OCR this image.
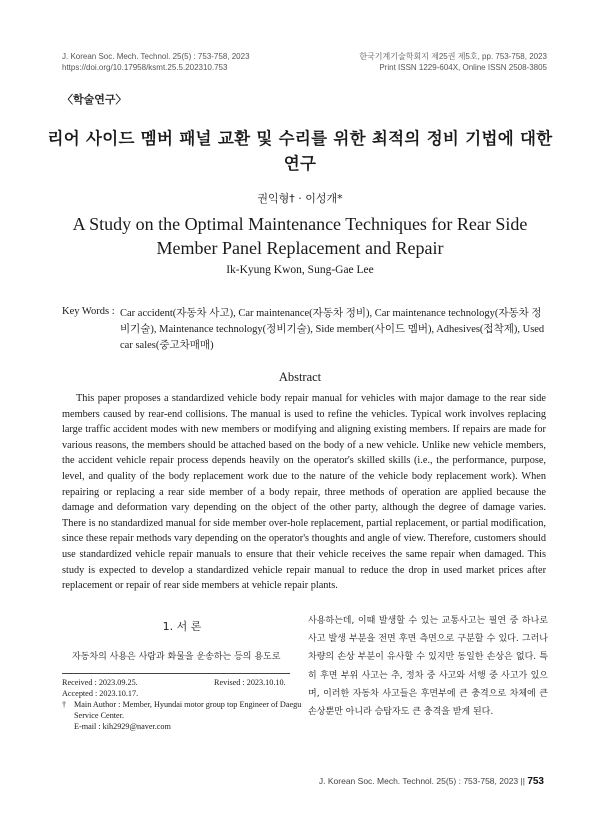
J. Korean Soc. Mech. Technol. 25(5) : 753-758, 2023
https://doi.org/10.17958/ksmt.25.5.202310.753
한국기계기술학회지 제25권 제5호, pp. 753-758, 2023
Print ISSN 1229-604X, Online ISSN 2508-3805
〈학술연구〉
리어 사이드 멤버 패널 교환 및 수리를 위한 최적의 정비 기법에 대한 연구
권익형† · 이성개*
A Study on the Optimal Maintenance Techniques for Rear Side Member Panel Replacement and Repair
Ik-Kyung Kwon, Sung-Gae Lee
Key Words : Car accident(자동차 사고), Car maintenance(자동차 정비), Car maintenance technology(자동차 정비기술), Maintenance technology(정비기술), Side member(사이드 멤버), Adhesives(접착제), Used car sales(중고차매매)
Abstract
This paper proposes a standardized vehicle body repair manual for vehicles with major damage to the rear side members caused by rear-end collisions. The manual is used to refine the vehicles. Typical work involves replacing large traffic accident modes with new members or modifying and aligning existing members. If repairs are made for various reasons, the members should be attached based on the body of a new vehicle. Unlike new vehicle members, the accident vehicle repair process depends heavily on the operator's skilled skills (i.e., the performance, purpose, level, and quality of the body replacement work due to the nature of the vehicle body replacement work). When repairing or replacing a rear side member of a body repair, three methods of operation are applied because the damage and deformation vary depending on the object of the other party, although the degree of damage varies. There is no standardized manual for side member over-hole replacement, partial replacement, or partial modification, since these repair methods vary depending on the operator's thoughts and angle of view. Therefore, customers should use standardized vehicle repair manuals to ensure that their vehicle receives the same repair when damaged. This study is expected to develop a standardized vehicle repair manual to reduce the drop in used market prices after replacement or repair of rear side members at vehicle repair plants.
1. 서 론
자동차의 사용은 사람과 화물을 운송하는 등의 용도로
Received : 2023.09.25.	Revised : 2023.10.10.
Accepted : 2023.10.17.
† Main Author : Member, Hyundai motor group top Engineer of Daegu Service Center.
E-mail : kih2929@naver.com
사용하는데, 이때 발생할 수 있는 교통사고는 필연 중 하나로 사고 발생 부분을 전면 후면 측면으로 구분할 수 있다. 그러나 차량의 손상 부분이 유사할 수 있지만 동일한 손상은 없다. 특히 후면 부위 사고는 추, 정차 중 사고와 서행 중 사고가 있으며, 이러한 자동차 사고들은 후면부에 큰 충격으로 차체에 큰 손상뿐만 아니라 승탑자도 큰 충격을 받게 된다.
J. Korean Soc. Mech. Technol. 25(5) : 753-758, 2023 || 753
